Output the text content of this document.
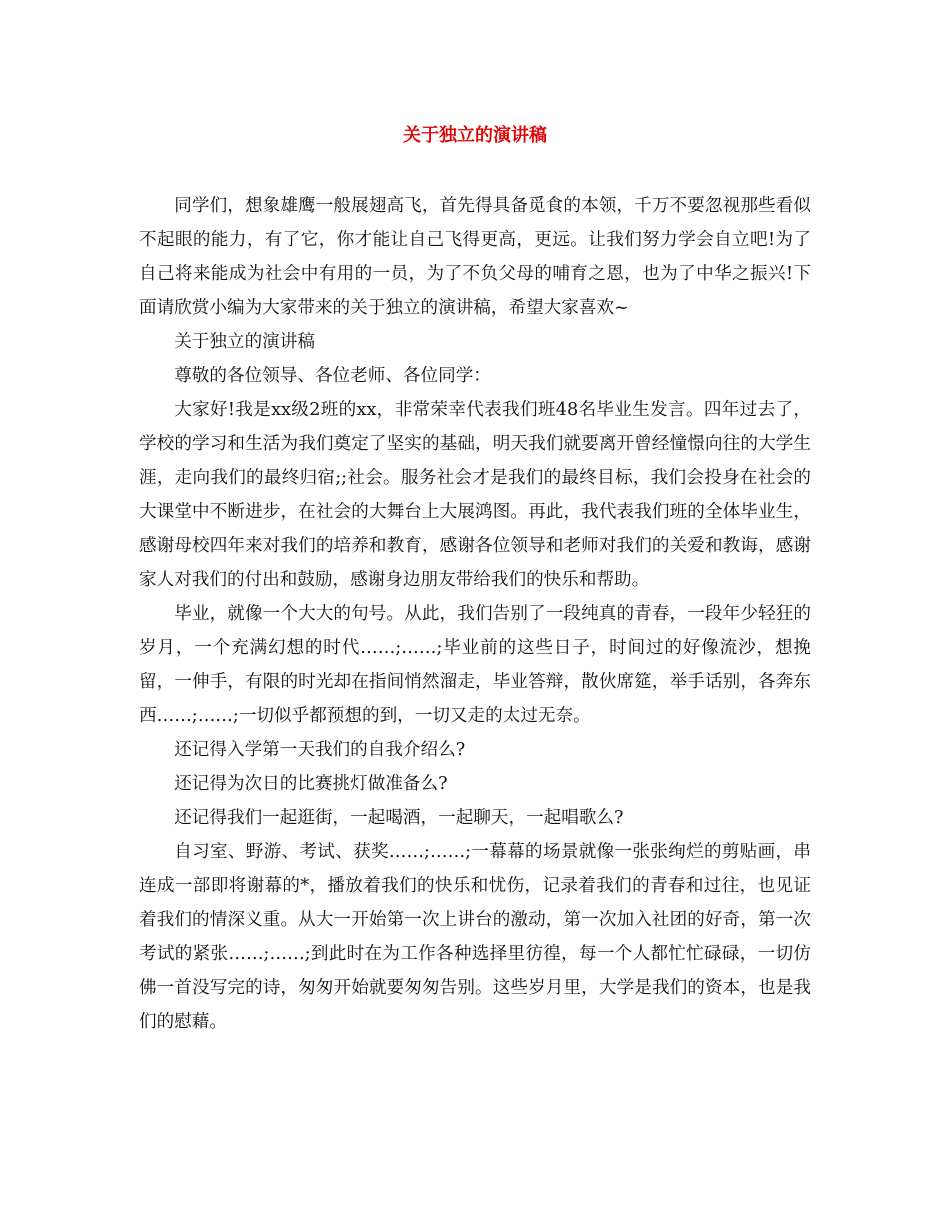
关于独立的演讲稿

同学们，想象雄鹰一般展翅高飞，首先得具备觅食的本领，千万不要忽视那些看似不起眼的能力，有了它，你才能让自己飞得更高，更远。让我们努力学会自立吧!为了自己将来能成为社会中有用的一员，为了不负父母的哺育之恩，也为了中华之振兴!下面请欣赏小编为大家带来的关于独立的演讲稿，希望大家喜欢~

关于独立的演讲稿

尊敬的各位领导、各位老师、各位同学：

大家好!我是xx级2班的xx，非常荣幸代表我们班48名毕业生发言。四年过去了，学校的学习和生活为我们奠定了坚实的基础，明天我们就要离开曾经憧憬向往的大学生涯，走向我们的最终归宿;;社会。服务社会才是我们的最终目标，我们会投身在社会的大课堂中不断进步，在社会的大舞台上大展鸿图。再此，我代表我们班的全体毕业生，感谢母校四年来对我们的培养和教育，感谢各位领导和老师对我们的关爱和教诲，感谢家人对我们的付出和鼓励，感谢身边朋友带给我们的快乐和帮助。

毕业，就像一个大大的句号。从此，我们告别了一段纯真的青春，一段年少轻狂的岁月，一个充满幻想的时代……;……;毕业前的这些日子，时间过的好像流沙，想挽留，一伸手，有限的时光却在指间悄然溜走，毕业答辩，散伙席筵，举手话别，各奔东西……;……;一切似乎都预想的到，一切又走的太过无奈。

还记得入学第一天我们的自我介绍么?

还记得为次日的比赛挑灯做准备么?

还记得我们一起逛街，一起喝酒，一起聊天，一起唱歌么?

自习室、野游、考试、获奖……;……;一幕幕的场景就像一张张绚烂的剪贴画，串连成一部即将谢幕的*，播放着我们的快乐和忧伤，记录着我们的青春和过往，也见证着我们的情深义重。从大一开始第一次上讲台的激动，第一次加入社团的好奇，第一次考试的紧张……;……;到此时在为工作各种选择里彷徨，每一个人都忙忙碌碌，一切仿佛一首没写完的诗，匆匆开始就要匆匆告别。这些岁月里，大学是我们的资本，也是我们的慰藉。
